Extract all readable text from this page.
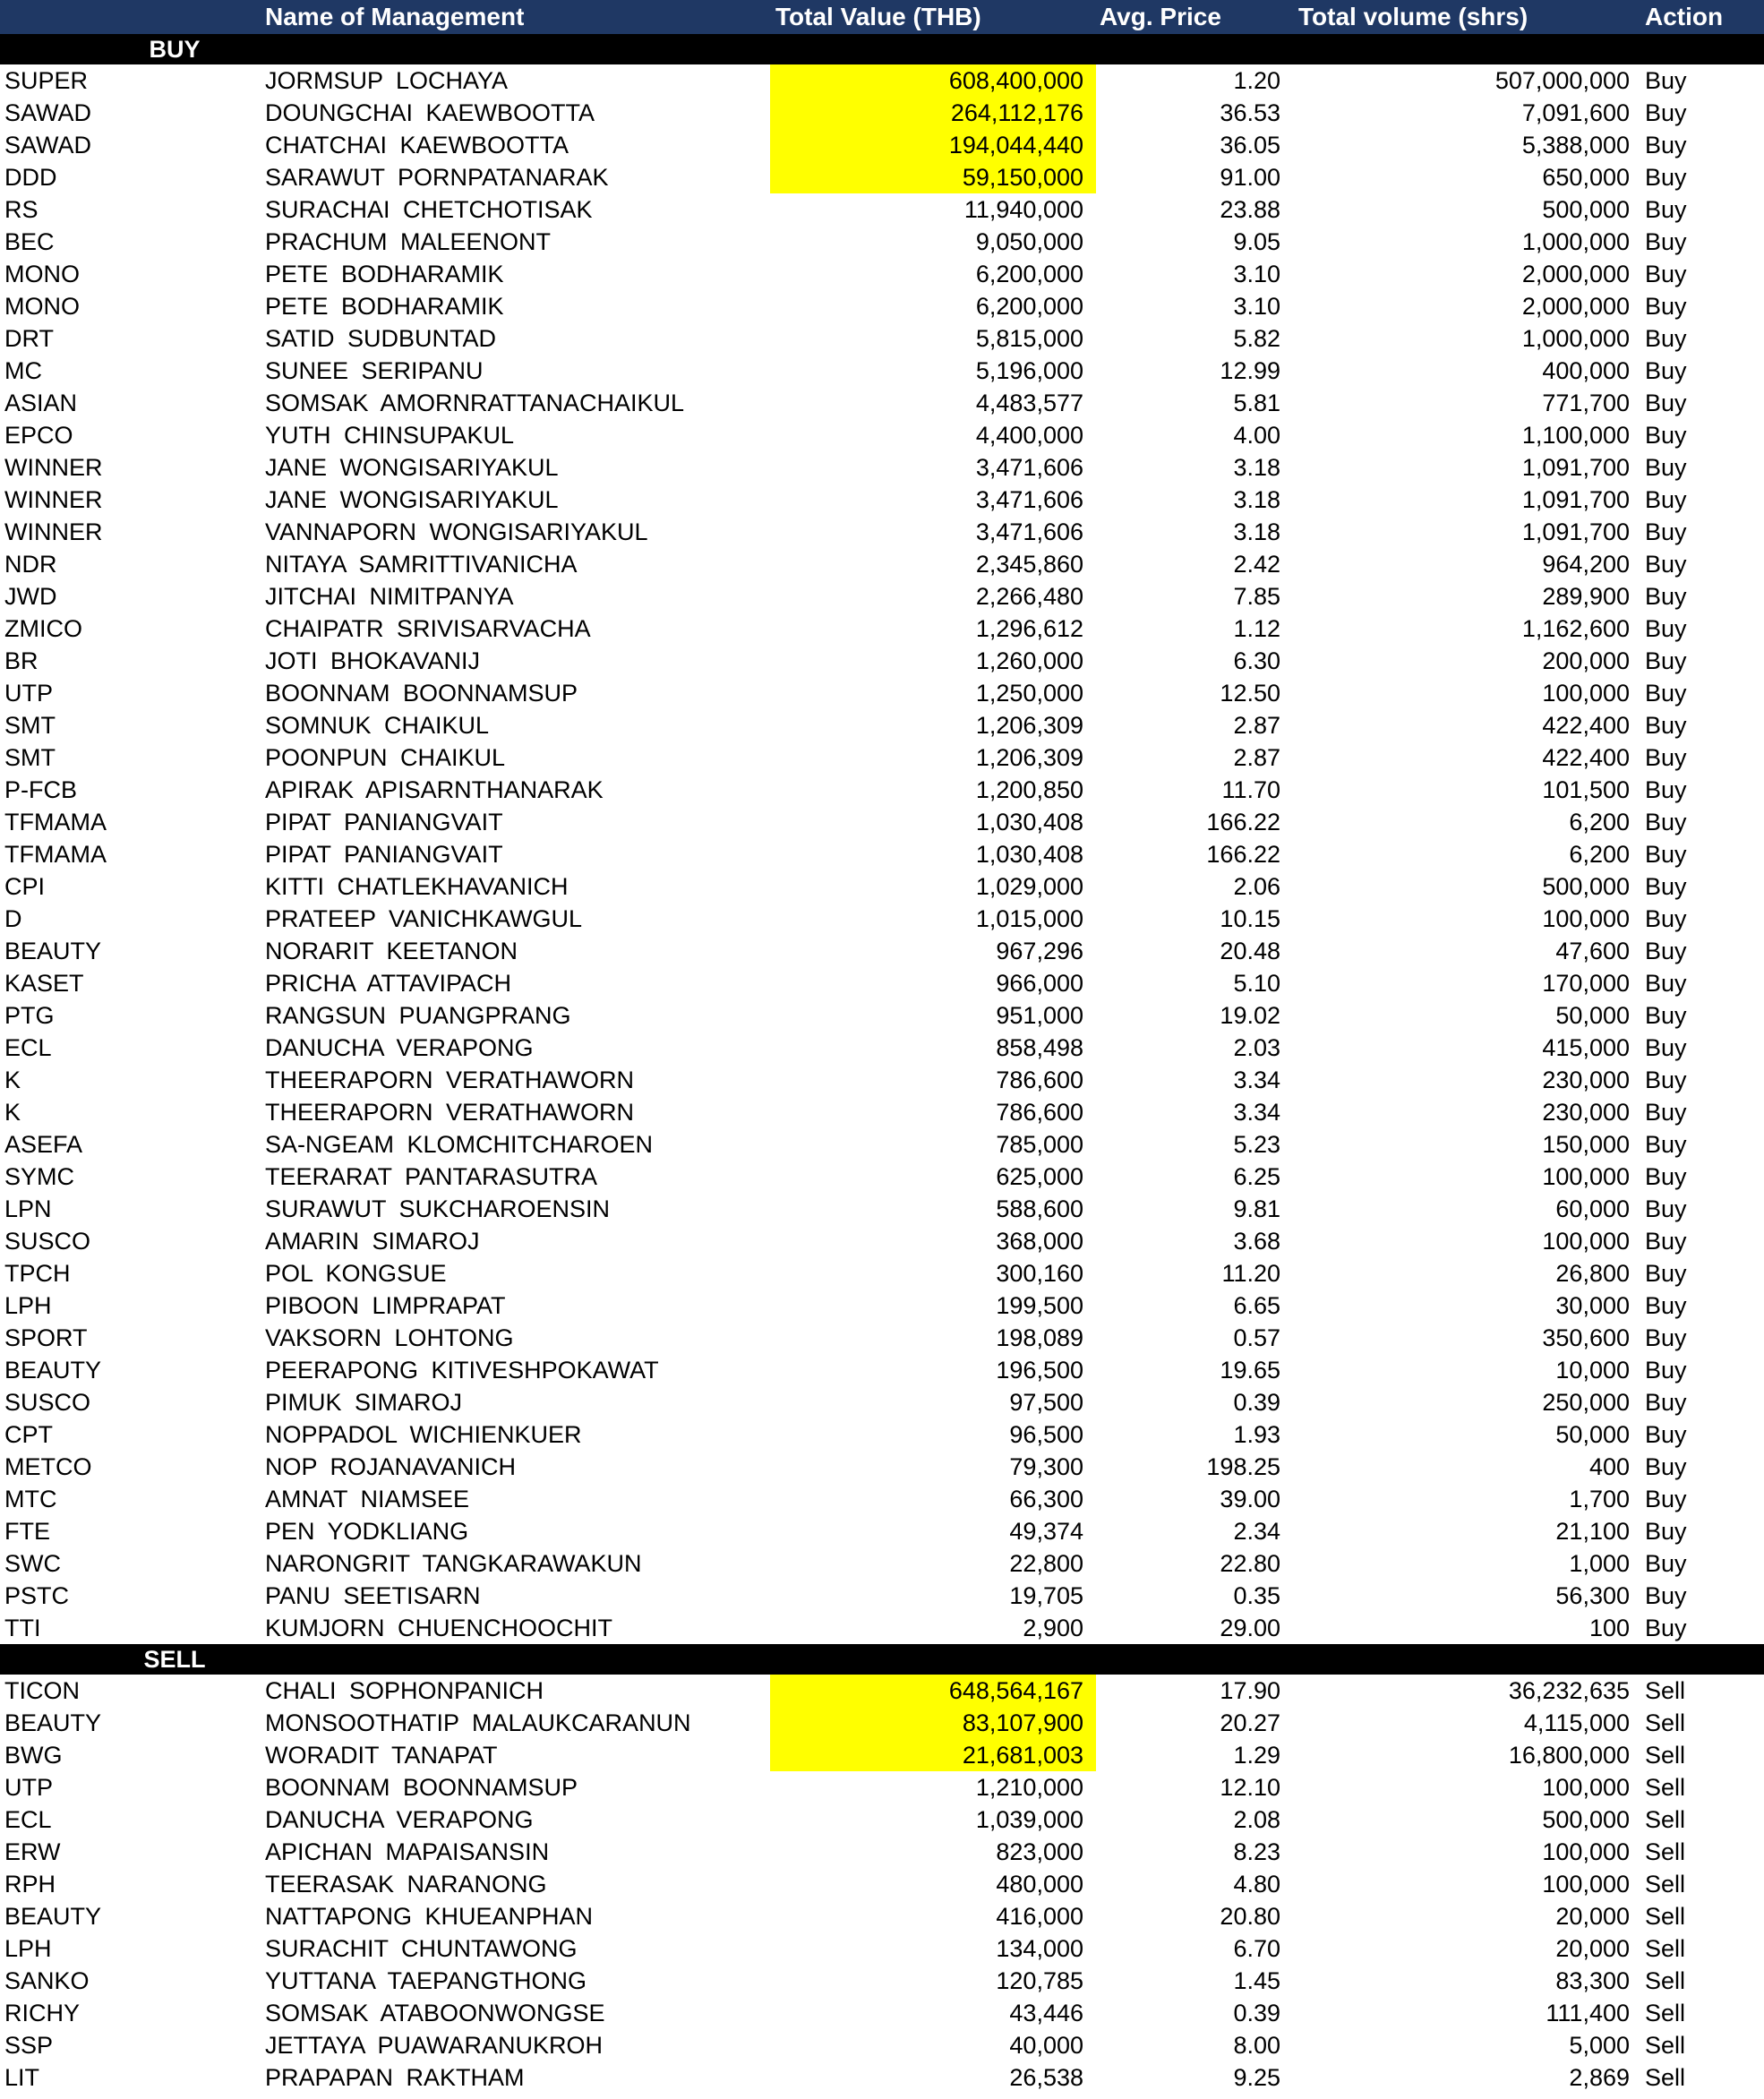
Name of Management	Total Value (THB)	Avg. Price	Total volume (shrs)	Action
BUY
SUPER	JORMSUP LOCHAYA	608,400,000	1.20	507,000,000 Buy
SAWAD	DOUNGCHAI KAEWBOOTTA	264,112,176	36.53	7,091,600 Buy
SAWAD	CHATCHAI KAEWBOOTTA	194,044,440	36.05	5,388,000 Buy
DDD	SARAWUT PORNPATANARAK	59,150,000	91.00	650,000 Buy
RS	SURACHAI CHETCHOTISAK	11,940,000	23.88	500,000 Buy
BEC	PRACHUM MALEENONT	9,050,000	9.05	1,000,000 Buy
MONO	PETE BODHARAMIK	6,200,000	3.10	2,000,000 Buy
MONO	PETE BODHARAMIK	6,200,000	3.10	2,000,000 Buy
DRT	SATID SUDBUNTAD	5,815,000	5.82	1,000,000 Buy
MC	SUNEE SERIPANU	5,196,000	12.99	400,000 Buy
ASIAN	SOMSAK AMORNRATTANACHAIKUL	4,483,577	5.81	771,700 Buy
EPCO	YUTH CHINSUPAKUL	4,400,000	4.00	1,100,000 Buy
WINNER	JANE WONGISARIYAKUL	3,471,606	3.18	1,091,700 Buy
WINNER	JANE WONGISARIYAKUL	3,471,606	3.18	1,091,700 Buy
WINNER	VANNAPORN WONGISARIYAKUL	3,471,606	3.18	1,091,700 Buy
NDR	NITAYA SAMRITTIVANICHA	2,345,860	2.42	964,200 Buy
JWD	JITCHAI NIMITPANYA	2,266,480	7.85	289,900 Buy
ZMICO	CHAIPATR SRIVISARVACHA	1,296,612	1.12	1,162,600 Buy
BR	JOTI BHOKAVANIJ	1,260,000	6.30	200,000 Buy
UTP	BOONNAM BOONNAMSUP	1,250,000	12.50	100,000 Buy
SMT	SOMNUK CHAIKUL	1,206,309	2.87	422,400 Buy
SMT	POONPUN CHAIKUL	1,206,309	2.87	422,400 Buy
P-FCB	APIRAK APISARNTHANARAK	1,200,850	11.70	101,500 Buy
TFMAMA	PIPAT PANIANGVAIT	1,030,408	166.22	6,200 Buy
TFMAMA	PIPAT PANIANGVAIT	1,030,408	166.22	6,200 Buy
CPI	KITTI CHATLEKHAVANICH	1,029,000	2.06	500,000 Buy
D	PRATEEP VANICHKAWGUL	1,015,000	10.15	100,000 Buy
BEAUTY	NORARIT KEETANON	967,296	20.48	47,600 Buy
KASET	PRICHA ATTAVIPACH	966,000	5.10	170,000 Buy
PTG	RANGSUN PUANGPRANG	951,000	19.02	50,000 Buy
ECL	DANUCHA VERAPONG	858,498	2.03	415,000 Buy
K	THEERAPORN VERATHAWORN	786,600	3.34	230,000 Buy
K	THEERAPORN VERATHAWORN	786,600	3.34	230,000 Buy
ASEFA	SA-NGEAM KLOMCHITCHAROEN	785,000	5.23	150,000 Buy
SYMC	TEERARAT PANTARASUTRA	625,000	6.25	100,000 Buy
LPN	SURAWUT SUKCHAROENSIN	588,600	9.81	60,000 Buy
SUSCO	AMARIN SIMAROJ	368,000	3.68	100,000 Buy
TPCH	POL KONGSUE	300,160	11.20	26,800 Buy
LPH	PIBOON LIMPRAPAT	199,500	6.65	30,000 Buy
SPORT	VAKSORN LOHTONG	198,089	0.57	350,600 Buy
BEAUTY	PEERAPONG KITIVESHPOKAWAT	196,500	19.65	10,000 Buy
SUSCO	PIMUK SIMAROJ	97,500	0.39	250,000 Buy
CPT	NOPPADOL WICHIENKUER	96,500	1.93	50,000 Buy
METCO	NOP ROJANAVANICH	79,300	198.25	400 Buy
MTC	AMNAT NIAMSEE	66,300	39.00	1,700 Buy
FTE	PEN YODKLIANG	49,374	2.34	21,100 Buy
SWC	NARONGRIT TANGKARAWAKUN	22,800	22.80	1,000 Buy
PSTC	PANU SEETISARN	19,705	0.35	56,300 Buy
TTI	KUMJORN CHUENCHOOCHIT	2,900	29.00	100 Buy
SELL
TICON	CHALI SOPHONPANICH	648,564,167	17.90	36,232,635 Sell
BEAUTY	MONSOOTHATIP MALAUKCARANUN	83,107,900	20.27	4,115,000 Sell
BWG	WORADIT TANAPAT	21,681,003	1.29	16,800,000 Sell
UTP	BOONNAM BOONNAMSUP	1,210,000	12.10	100,000 Sell
ECL	DANUCHA VERAPONG	1,039,000	2.08	500,000 Sell
ERW	APICHAN MAPAISANSIN	823,000	8.23	100,000 Sell
RPH	TEERASAK NARANONG	480,000	4.80	100,000 Sell
BEAUTY	NATTAPONG KHUEANPHAN	416,000	20.80	20,000 Sell
LPH	SURACHIT CHUNTAWONG	134,000	6.70	20,000 Sell
SANKO	YUTTANA TAEPANGTHONG	120,785	1.45	83,300 Sell
RICHY	SOMSAK ATABOONWONGSE	43,446	0.39	111,400 Sell
SSP	JETTAYA PUAWARANUKROH	40,000	8.00	5,000 Sell
LIT	PRAPAPAN RAKTHAM	26,538	9.25	2,869 Sell
